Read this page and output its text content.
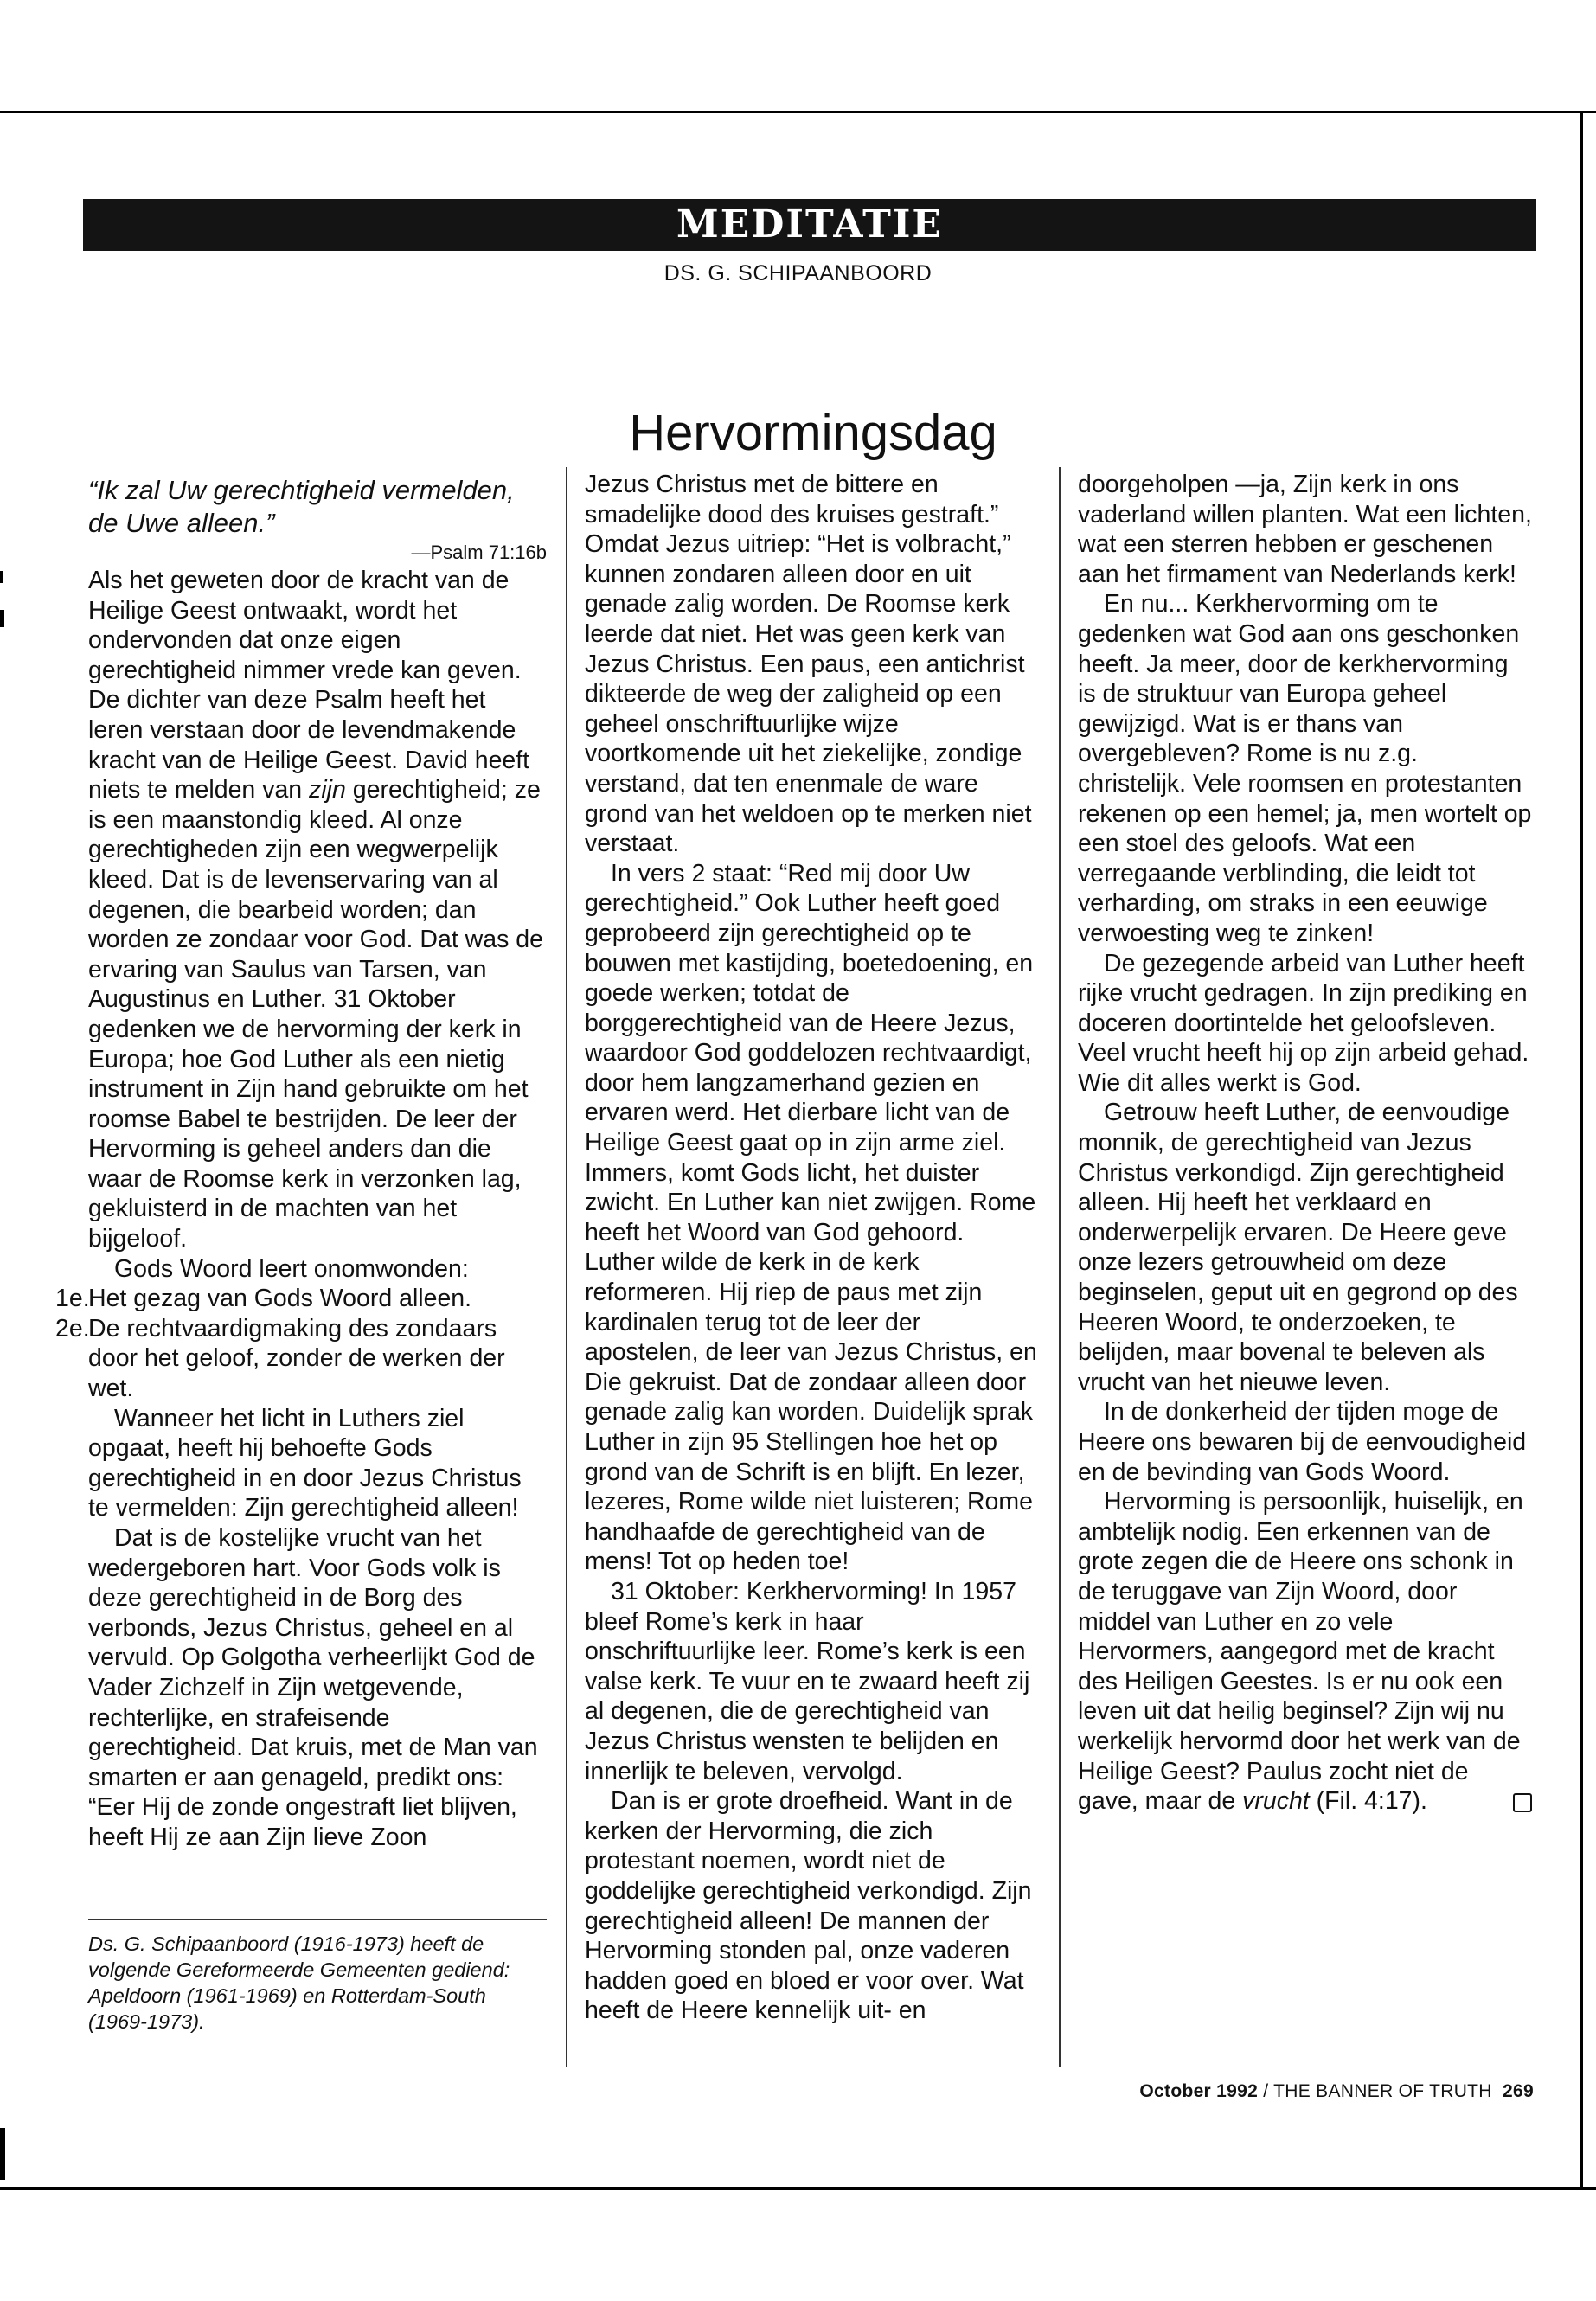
MEDITATIE
DS. G. SCHIPAANBOORD
Hervormingsdag

“Ik zal Uw gerechtigheid vermelden, de Uwe alleen.”

—Psalm 71:16b

Als het geweten door de kracht van de Heilige Geest ontwaakt, wordt het ondervonden dat onze eigen gerechtigheid nimmer vrede kan geven. De dichter van deze Psalm heeft het leren verstaan door de levendmakende kracht van de Heilige Geest. David heeft niets te melden van zijn gerechtigheid; ze is een maanstondig kleed. Al onze gerechtigheden zijn een wegwerpelijk kleed. Dat is de levenservaring van al degenen, die bearbeid worden; dan worden ze zondaar voor God. Dat was de ervaring van Saulus van Tarsen, van Augustinus en Luther. 31 Oktober gedenken we de hervorming der kerk in Europa; hoe God Luther als een nietig instrument in Zijn hand gebruikte om het roomse Babel te bestrijden. De leer der Hervorming is geheel anders dan die waar de Roomse kerk in verzonken lag, gekluisterd in de machten van het bijgeloof.

Gods Woord leert onomwonden:

1e.Het gezag van Gods Woord alleen.

2e.De rechtvaardigmaking des zondaars door het geloof, zonder de werken der wet.

Wanneer het licht in Luthers ziel opgaat, heeft hij behoefte Gods gerechtigheid in en door Jezus Christus te vermelden: Zijn gerechtigheid alleen!

Dat is de kostelijke vrucht van het wedergeboren hart. Voor Gods volk is deze gerechtigheid in de Borg des verbonds, Jezus Christus, geheel en al vervuld. Op Golgotha verheerlijkt God de Vader Zichzelf in Zijn wetgevende, rechterlijke, en strafeisende gerechtigheid. Dat kruis, met de Man van smarten er aan genageld, predikt ons: “Eer Hij de zonde ongestraft liet blijven, heeft Hij ze aan Zijn lieve Zoon

Ds. G. Schipaanboord (1916-1973) heeft de volgende Gereformeerde Gemeenten gediend: Apeldoorn (1961-1969) en Rotterdam-South (1969-1973).

Jezus Christus met de bittere en smadelijke dood des kruises gestraft.” Omdat Jezus uitriep: “Het is volbracht,” kunnen zondaren alleen door en uit genade zalig worden. De Roomse kerk leerde dat niet. Het was geen kerk van Jezus Christus. Een paus, een antichrist dikteerde de weg der zaligheid op een geheel onschriftuurlijke wijze voortkomende uit het ziekelijke, zondige verstand, dat ten enenmale de ware grond van het weldoen op te merken niet verstaat.

In vers 2 staat: “Red mij door Uw gerechtigheid.” Ook Luther heeft goed geprobeerd zijn gerechtigheid op te bouwen met kastijding, boetedoening, en goede werken; totdat de borggerechtigheid van de Heere Jezus, waardoor God goddelozen rechtvaardigt, door hem langzamerhand gezien en ervaren werd. Het dierbare licht van de Heilige Geest gaat op in zijn arme ziel. Immers, komt Gods licht, het duister zwicht. En Luther kan niet zwijgen. Rome heeft het Woord van God gehoord. Luther wilde de kerk in de kerk reformeren. Hij riep de paus met zijn kardinalen terug tot de leer der apostelen, de leer van Jezus Christus, en Die gekruist. Dat de zondaar alleen door genade zalig kan worden. Duidelijk sprak Luther in zijn 95 Stellingen hoe het op grond van de Schrift is en blijft. En lezer, lezeres, Rome wilde niet luisteren; Rome handhaafde de gerechtigheid van de mens! Tot op heden toe!

31 Oktober: Kerkhervorming! In 1957 bleef Rome’s kerk in haar onschriftuurlijke leer. Rome’s kerk is een valse kerk. Te vuur en te zwaard heeft zij al degenen, die de gerechtigheid van Jezus Christus wensten te belijden en innerlijk te beleven, vervolgd.

Dan is er grote droefheid. Want in de kerken der Hervorming, die zich protestant noemen, wordt niet de goddelijke gerechtigheid verkondigd. Zijn gerechtigheid alleen! De mannen der Hervorming stonden pal, onze vaderen hadden goed en bloed er voor over. Wat heeft de Heere kennelijk uit- en

doorgeholpen —ja, Zijn kerk in ons vaderland willen planten. Wat een lichten, wat een sterren hebben er geschenen aan het firmament van Nederlands kerk!

En nu... Kerkhervorming om te gedenken wat God aan ons geschonken heeft. Ja meer, door de kerkhervorming is de struktuur van Europa geheel gewijzigd. Wat is er thans van overgebleven? Rome is nu z.g. christelijk. Vele roomsen en protestanten rekenen op een hemel; ja, men wortelt op een stoel des geloofs. Wat een verregaande verblinding, die leidt tot verharding, om straks in een eeuwige verwoesting weg te zinken!

De gezegende arbeid van Luther heeft rijke vrucht gedragen. In zijn prediking en doceren doortintelde het geloofsleven. Veel vrucht heeft hij op zijn arbeid gehad. Wie dit alles werkt is God.

Getrouw heeft Luther, de eenvoudige monnik, de gerechtigheid van Jezus Christus verkondigd. Zijn gerechtigheid alleen. Hij heeft het verklaard en onderwerpelijk ervaren. De Heere geve onze lezers getrouwheid om deze beginselen, geput uit en gegrond op des Heeren Woord, te onderzoeken, te belijden, maar bovenal te beleven als vrucht van het nieuwe leven.

In de donkerheid der tijden moge de Heere ons bewaren bij de eenvoudigheid en de bevinding van Gods Woord.

Hervorming is persoonlijk, huiselijk, en ambtelijk nodig. Een erkennen van de grote zegen die de Heere ons schonk in de teruggave van Zijn Woord, door middel van Luther en zo vele Hervormers, aangegord met de kracht des Heiligen Geestes. Is er nu ook een leven uit dat heilig beginsel? Zijn wij nu werkelijk hervormd door het werk van de Heilige Geest? Paulus zocht niet de gave, maar de vrucht (Fil. 4:17).

October 1992 / THE BANNER OF TRUTH 269
